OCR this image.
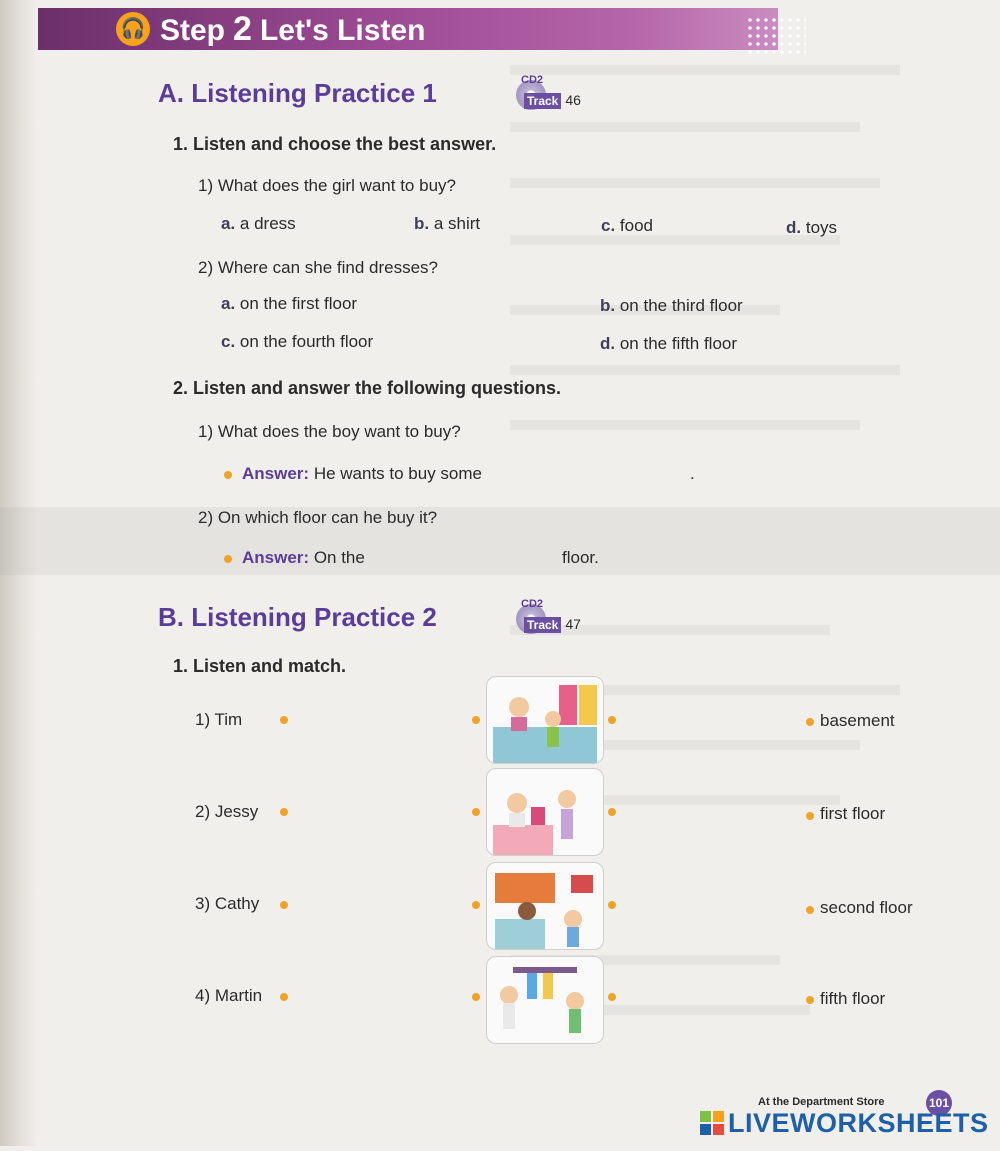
🎧 Step 2 Let's Listen
A. Listening Practice 1	CD2
Track 46
1. Listen and choose the best answer.
1) What does the girl want to buy?
a. a dress	b. a shirt	c. food	d. toys
2) Where can she find dresses?
a. on the first floor	b. on the third floor
c. on the fourth floor	d. on the fifth floor
2. Listen and answer the following questions.
1) What does the boy want to buy?
Answer: He wants to buy some	.
2) On which floor can he buy it?
Answer: On the	floor.
B. Listening Practice 2	CD2
Track 47
1. Listen and match.
1) Tim	basement
2) Jessy	first floor
3) Cathy	second floor
4) Martin	fifth floor
At the Department Store	101
LIVEWORKSHEETS
